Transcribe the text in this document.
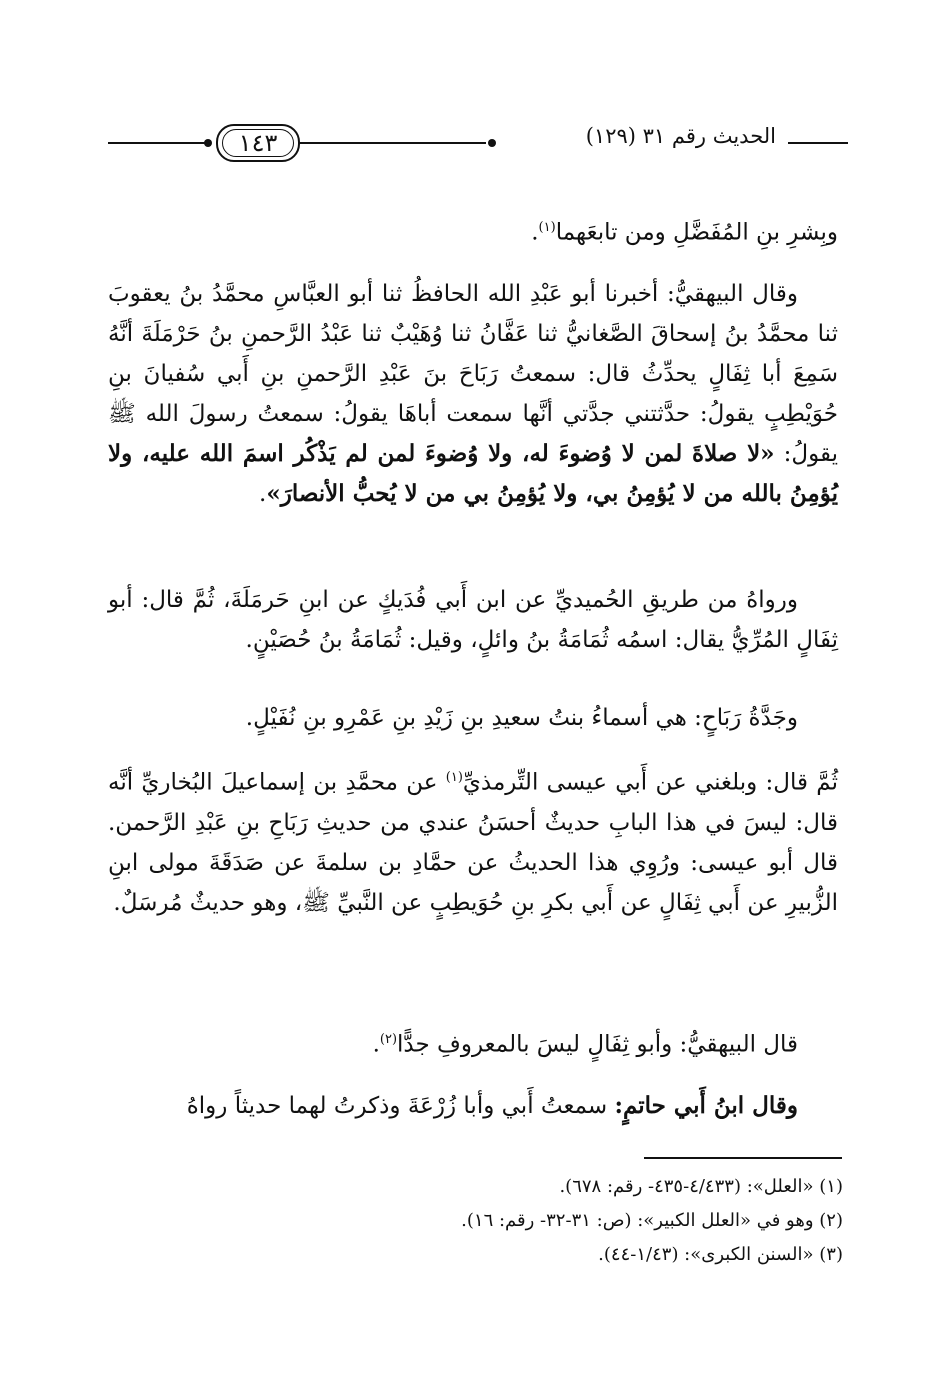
الحديث رقم ٣١ (١٢٩)
١٤٣
وبِشرِ بنِ المُفَضَّلِ ومن تابعَهما$^{(١)}$.
وقال البيهقيُّ: أخبرنا أبو عَبْدِ الله الحافظُ ثنا أبو العبَّاسِ محمَّدُ بنُ يعقوبَ ثنا محمَّدُ بنُ إسحاقَ الصَّغانيُّ ثنا عَفَّانُ ثنا وُهَيْبٌ ثنا عَبْدُ الرَّحمنِ بنُ حَرْمَلَةَ أنَّهُ سَمِعَ أبا ثِفَالٍ يحدِّثُ قال: سمعتُ رَبَاحَ بنَ عَبْدِ الرَّحمنِ بنِ أَبي سُفيانَ بنِ حُوَيْطِبٍ يقولُ: حدَّثتني جدَّتي أنَّها سمعت أباهَا يقولُ: سمعتُ رسولَ الله ﷺ يقولُ: «لا صلاةَ لمن لا وُضوءَ له، ولا وُضوءَ لمن لم يَذْكُر اسمَ الله عليه، ولا يُؤمِنُ بالله من لا يُؤمِنُ بي، ولا يُؤمِنُ بي من لا يُحبُّ الأنصارَ».
ورواهُ من طريقِ الحُميديِّ عن ابن أَبي فُدَيكٍ عن ابنِ حَرمَلَةَ، ثُمَّ قال: أبو ثِفَالٍ المُرِّيُّ يقال: اسمُه ثُمَامَةُ بنُ وائلٍ، وقيل: ثُمَامَةُ بنُ حُصَيْنٍ.
وجَدَّةُ رَبَاحٍ: هي أسماءُ بنتُ سعيدِ بنِ زَيْدِ بنِ عَمْرِو بنِ نُفَيْلٍ.
ثُمَّ قال: وبلغني عن أَبي عيسى التِّرمذيِّ$^{(١)}$ عن محمَّدِ بن إسماعيلَ البُخاريِّ أنَّه قال: ليسَ في هذا البابِ حديثٌ أحسَنُ عندي من حديثِ رَبَاحِ بنِ عَبْدِ الرَّحمن. قال أبو عيسى: ورُوِي هذا الحديثُ عن حمَّادِ بن سلمةَ عن صَدَقَةَ مولى ابنِ الزُّبيرِ عن أَبي ثِفَالٍ عن أَبي بكرِ بنِ حُوَيطِبٍ عن النَّبيِّ ﷺ، وهو حديثٌ مُرسَلٌ.
قال البيهقيُّ: وأبو ثِفَالٍ ليسَ بالمعروفِ جدًّا$^{(٢)}$.
وقال ابنُ أَبي حاتمٍ: سمعتُ أَبي وأبا زُرْعَةَ وذكرتُ لهما حديثاً رواهُ
(١) «العلل»: (٤/٤٣٣-٤٣٥- رقم: ٦٧٨).
(٢) وهو في «العلل الكبير»: (ص: ٣١-٣٢- رقم: ١٦).
(٣) «السنن الكبرى»: (١/٤٣-٤٤).
